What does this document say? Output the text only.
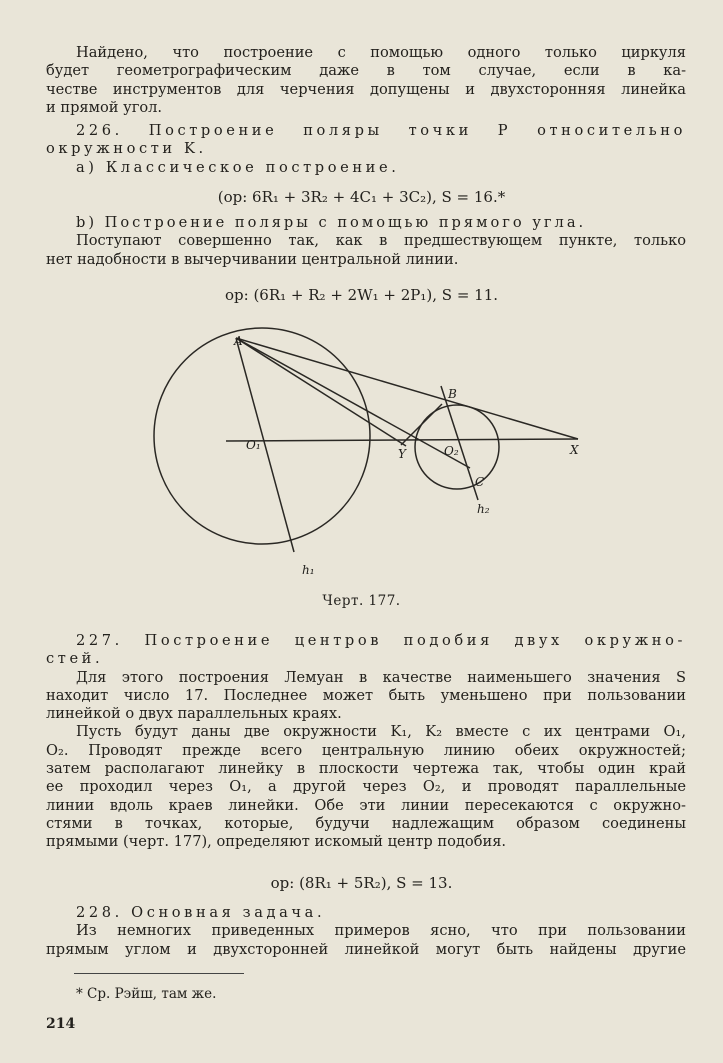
Найдено, что построение с помощью одного только циркуля
будет геометрографическим даже в том случае, если в ка-
честве инструментов для черчения допущены и двухсторонняя линейка
и прямой угол.
226. Построение поляры точки P относительно
окружности K.
а) Классическое построение.
(op: 6R₁ + 3R₂ + 4C₁ + 3C₂), S = 16.*
b) Построение поляры с помощью прямого угла.
Поступают совершенно так, как в предшествующем пункте, только
нет надобности в вычерчивании центральной линии.
op: (6R₁ + R₂ + 2W₁ + 2P₁), S = 11.
A
B
C
O₁	O₂	X
Y
h₁
h₂
Черт. 177.
227. Построение центров подобия двух окружно-
стей.
Для этого построения Лемуан в качестве наименьшего значения S
находит число 17. Последнее может быть уменьшено при пользовании
линейкой о двух параллельных краях.
Пусть будут даны две окружности K₁, K₂ вместе с их центрами O₁,
O₂. Проводят прежде всего центральную линию обеих окружностей;
затем располагают линейку в плоскости чертежа так, чтобы один край
ее проходил через O₁, а другой через O₂, и проводят параллельные
линии вдоль краев линейки. Обе эти линии пересекаются с окружно-
стями в точках, которые, будучи надлежащим образом соединены
прямыми (черт. 177), определяют искомый центр подобия.
op: (8R₁ + 5R₂), S = 13.
228. Основная задача.
Из немногих приведенных примеров ясно, что при пользовании
прямым углом и двухсторонней линейкой могут быть найдены другие
* Ср. Рэйш, там же.
214
